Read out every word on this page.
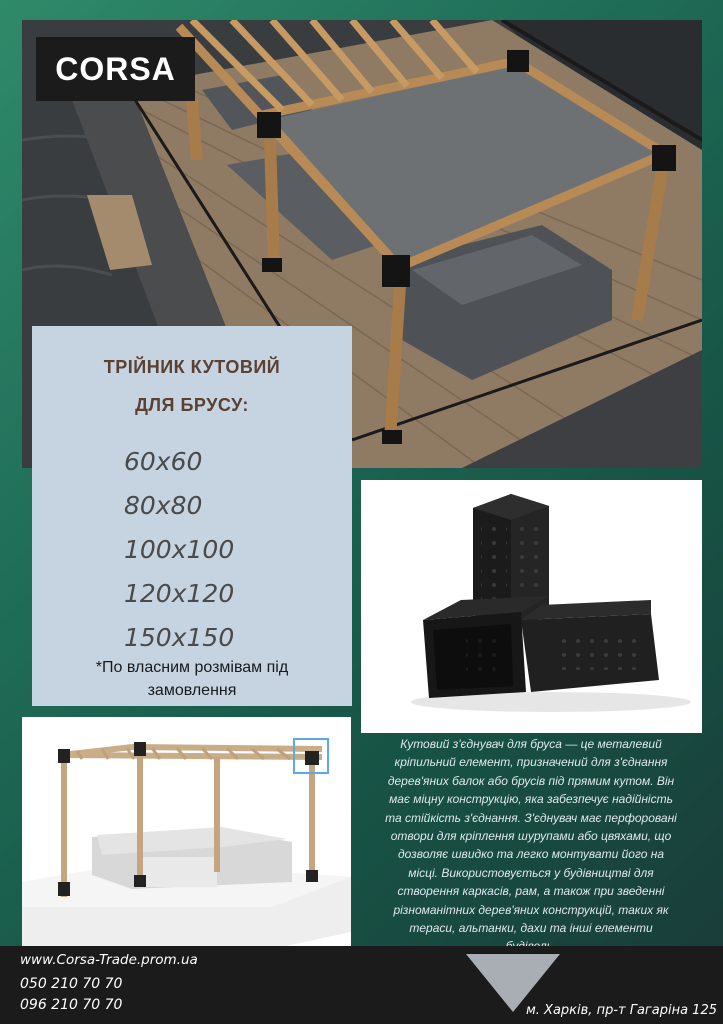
CORSA
ТРІЙНИК КУТОВИЙ
ДЛЯ БРУСУ:
60x60
80x80
100x100
120x120
150x150
*По власним розмівам під
замовлення
Кутовий з'єднувач для бруса — це металевий
кріпильний елемент, призначений для з'єднання
дерев'яних балок або брусів під прямим кутом. Він
має міцну конструкцію, яка забезпечує надійність
та стійкість з'єднання. З'єднувач має перфоровані
отвори для кріплення шурупами або цвяхами, що
дозволяє швидко та легко монтувати його на
місці. Використовується у будівництві для
створення каркасів, рам, а також при зведенні
різноманітних дерев'яних конструкцій, таких як
тераси, альтанки, дахи та інші елементи
www.Corsa-Trade.prom.ua
050 210 70 70
096 210 70 70	м. Харків, пр-т Гагаріна 125
